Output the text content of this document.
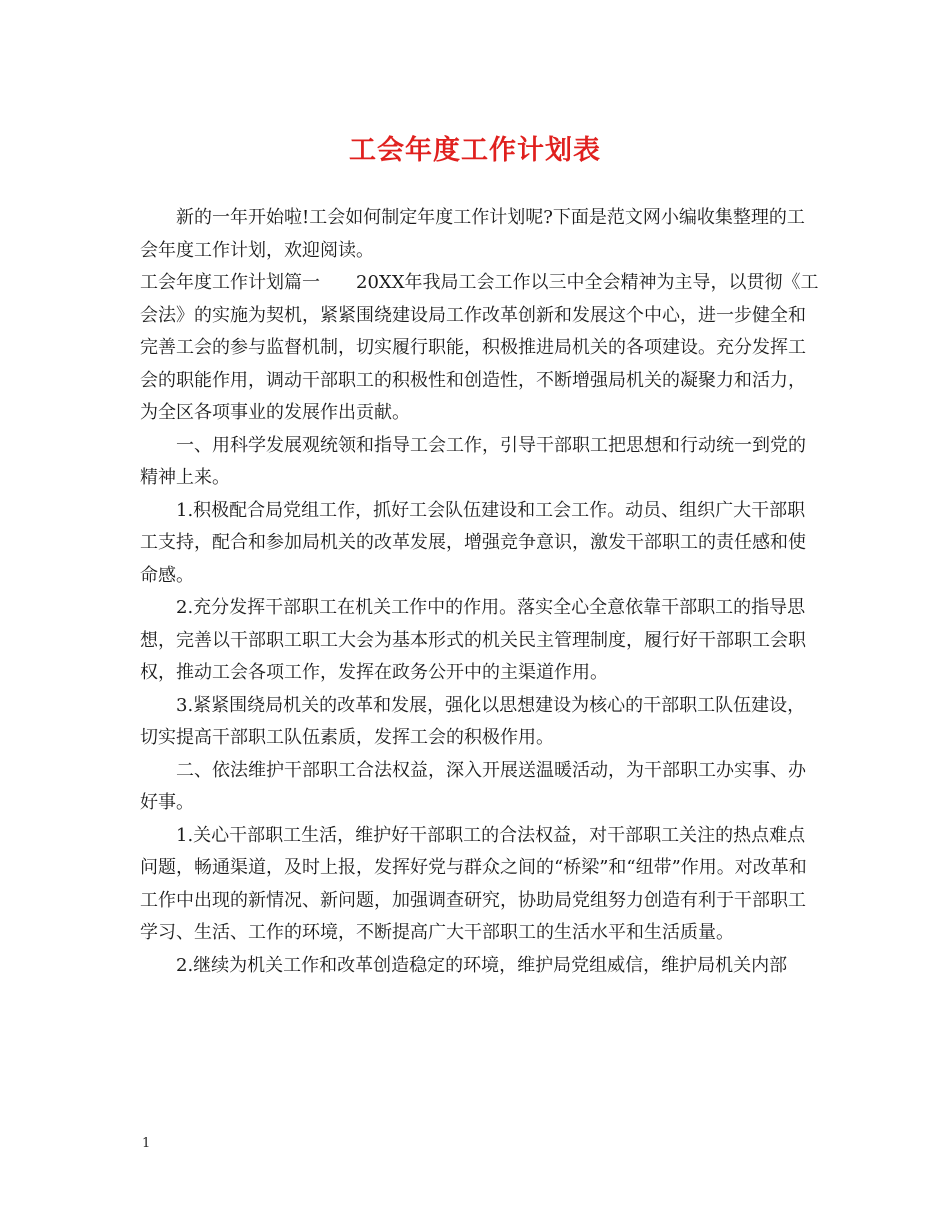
工会年度工作计划表

新的一年开始啦!工会如何制定年度工作计划呢?下面是范文网小编收集整理的工会年度工作计划，欢迎阅读。

工会年度工作计划篇一　　20XX年我局工会工作以三中全会精神为主导，以贯彻《工会法》的实施为契机，紧紧围绕建设局工作改革创新和发展这个中心，进一步健全和完善工会的参与监督机制，切实履行职能，积极推进局机关的各项建设。充分发挥工会的职能作用，调动干部职工的积极性和创造性，不断增强局机关的凝聚力和活力，为全区各项事业的发展作出贡献。

一、用科学发展观统领和指导工会工作，引导干部职工把思想和行动统一到党的精神上来。

1.积极配合局党组工作，抓好工会队伍建设和工会工作。动员、组织广大干部职工支持，配合和参加局机关的改革发展，增强竞争意识，激发干部职工的责任感和使命感。

2.充分发挥干部职工在机关工作中的作用。落实全心全意依靠干部职工的指导思想，完善以干部职工职工大会为基本形式的机关民主管理制度，履行好干部职工会职权，推动工会各项工作，发挥在政务公开中的主渠道作用。

3.紧紧围绕局机关的改革和发展，强化以思想建设为核心的干部职工队伍建设，切实提高干部职工队伍素质，发挥工会的积极作用。

二、依法维护干部职工合法权益，深入开展送温暖活动，为干部职工办实事、办好事。

1.关心干部职工生活，维护好干部职工的合法权益，对干部职工关注的热点难点问题，畅通渠道，及时上报，发挥好党与群众之间的“桥梁”和“纽带”作用。对改革和工作中出现的新情况、新问题，加强调查研究，协助局党组努力创造有利于干部职工学习、生活、工作的环境，不断提高广大干部职工的生活水平和生活质量。

2.继续为机关工作和改革创造稳定的环境，维护局党组威信，维护局机关内部

1
